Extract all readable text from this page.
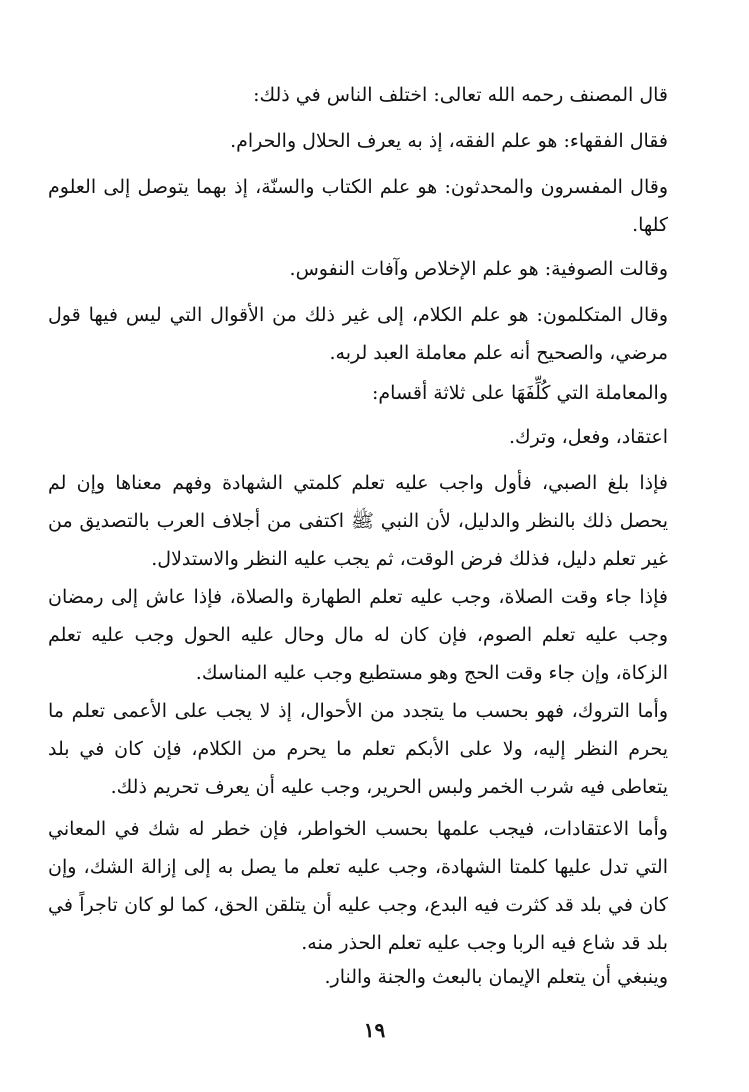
قال المصنف رحمه الله تعالى: اختلف الناس في ذلك:

فقال الفقهاء: هو علم الفقه، إذ به يعرف الحلال والحرام.

وقال المفسرون والمحدثون: هو علم الكتاب والسنّة، إذ بهما يتوصل إلى العلوم كلها.

وقالت الصوفية: هو علم الإخلاص وآفات النفوس.

وقال المتكلمون: هو علم الكلام، إلى غير ذلك من الأقوال التي ليس فيها قول مرضي، والصحيح أنه علم معاملة العبد لربه.

والمعاملة التي كُلِّفَهَا على ثلاثة أقسام:

اعتقاد، وفعل، وترك.

فإذا بلغ الصبي، فأول واجب عليه تعلم كلمتي الشهادة وفهم معناها وإن لم يحصل ذلك بالنظر والدليل، لأن النبي ﷺ اكتفى من أجلاف العرب بالتصديق من غير تعلم دليل، فذلك فرض الوقت، ثم يجب عليه النظر والاستدلال.

فإذا جاء وقت الصلاة، وجب عليه تعلم الطهارة والصلاة، فإذا عاش إلى رمضان وجب عليه تعلم الصوم، فإن كان له مال وحال عليه الحول وجب عليه تعلم الزكاة، وإن جاء وقت الحج وهو مستطيع وجب عليه المناسك.

وأما التروك، فهو بحسب ما يتجدد من الأحوال، إذ لا يجب على الأعمى تعلم ما يحرم النظر إليه، ولا على الأبكم تعلم ما يحرم من الكلام، فإن كان في بلد يتعاطى فيه شرب الخمر ولبس الحرير، وجب عليه أن يعرف تحريم ذلك.

وأما الاعتقادات، فيجب علمها بحسب الخواطر، فإن خطر له شك في المعاني التي تدل عليها كلمتا الشهادة، وجب عليه تعلم ما يصل به إلى إزالة الشك، وإن كان في بلد قد كثرت فيه البدع، وجب عليه أن يتلقن الحق، كما لو كان تاجراً في بلد قد شاع فيه الربا وجب عليه تعلم الحذر منه.

وينبغي أن يتعلم الإيمان بالبعث والجنة والنار.

١٩
